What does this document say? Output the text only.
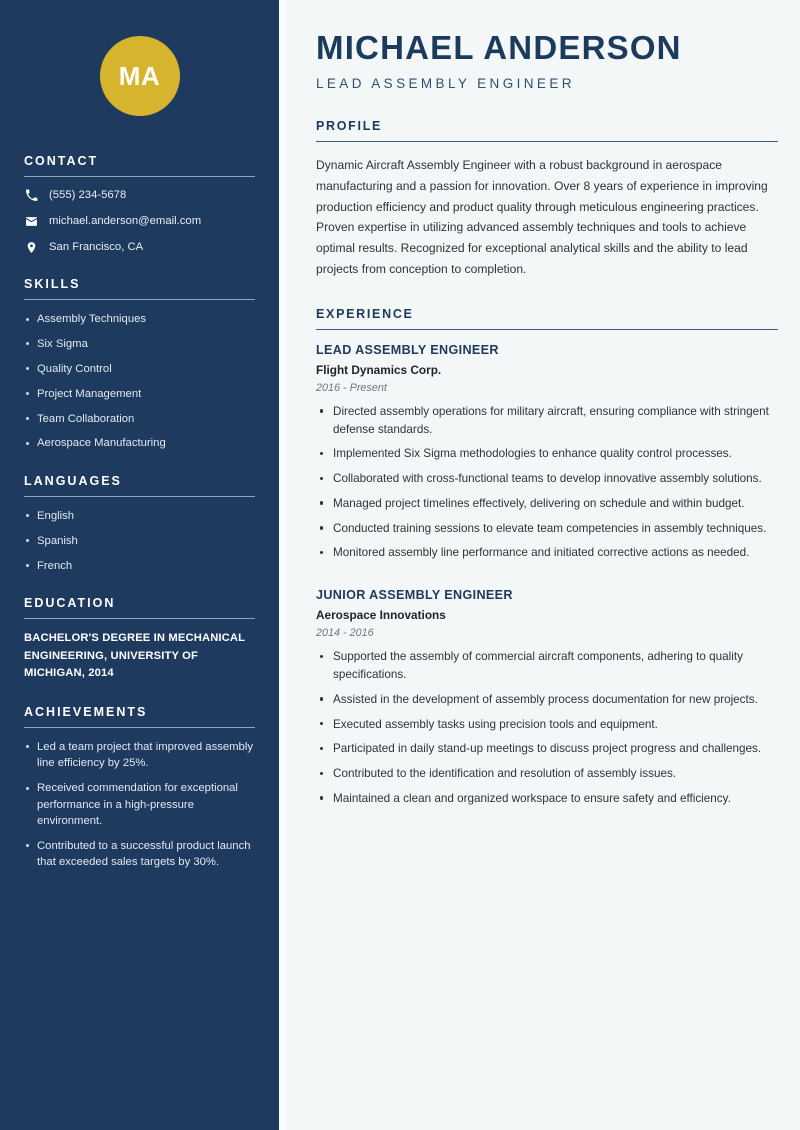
MA
CONTACT
(555) 234-5678
michael.anderson@email.com
San Francisco, CA
SKILLS
Assembly Techniques
Six Sigma
Quality Control
Project Management
Team Collaboration
Aerospace Manufacturing
LANGUAGES
English
Spanish
French
EDUCATION
BACHELOR'S DEGREE IN MECHANICAL ENGINEERING, UNIVERSITY OF MICHIGAN, 2014
ACHIEVEMENTS
Led a team project that improved assembly line efficiency by 25%.
Received commendation for exceptional performance in a high-pressure environment.
Contributed to a successful product launch that exceeded sales targets by 30%.
MICHAEL ANDERSON
LEAD ASSEMBLY ENGINEER
PROFILE

Dynamic Aircraft Assembly Engineer with a robust background in aerospace manufacturing and a passion for innovation. Over 8 years of experience in improving production efficiency and product quality through meticulous engineering practices. Proven expertise in utilizing advanced assembly techniques and tools to achieve optimal results. Recognized for exceptional analytical skills and the ability to lead projects from conception to completion.

EXPERIENCE
LEAD ASSEMBLY ENGINEER
Flight Dynamics Corp.
2016 - Present
Directed assembly operations for military aircraft, ensuring compliance with stringent defense standards.
Implemented Six Sigma methodologies to enhance quality control processes.
Collaborated with cross-functional teams to develop innovative assembly solutions.
Managed project timelines effectively, delivering on schedule and within budget.
Conducted training sessions to elevate team competencies in assembly techniques.
Monitored assembly line performance and initiated corrective actions as needed.
JUNIOR ASSEMBLY ENGINEER
Aerospace Innovations
2014 - 2016
Supported the assembly of commercial aircraft components, adhering to quality specifications.
Assisted in the development of assembly process documentation for new projects.
Executed assembly tasks using precision tools and equipment.
Participated in daily stand-up meetings to discuss project progress and challenges.
Contributed to the identification and resolution of assembly issues.
Maintained a clean and organized workspace to ensure safety and efficiency.
